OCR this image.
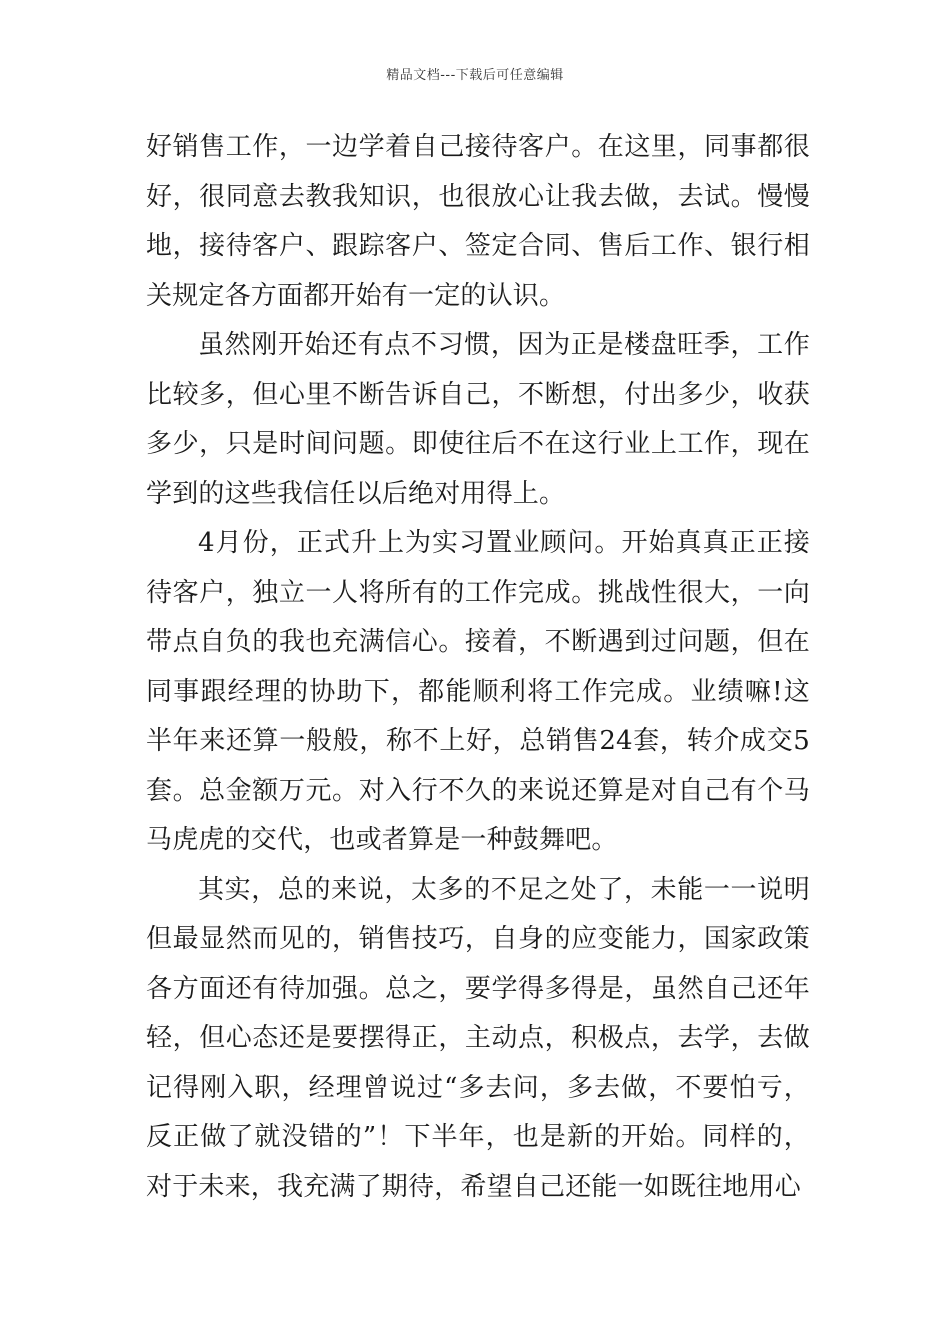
精品文档---下载后可任意编辑

好销售工作，一边学着自己接待客户。在这里，同事都很好，很同意去教我知识，也很放心让我去做，去试。慢慢地，接待客户、跟踪客户、签定合同、售后工作、银行相关规定各方面都开始有一定的认识。

虽然刚开始还有点不习惯，因为正是楼盘旺季，工作比较多，但心里不断告诉自己，不断想，付出多少，收获多少，只是时间问题。即使往后不在这行业上工作，现在学到的这些我信任以后绝对用得上。

4月份，正式升上为实习置业顾问。开始真真正正接待客户，独立一人将所有的工作完成。挑战性很大，一向带点自负的我也充满信心。接着，不断遇到过问题，但在同事跟经理的协助下，都能顺利将工作完成。业绩嘛!这半年来还算一般般，称不上好，总销售24套，转介成交5套。总金额万元。对入行不久的来说还算是对自己有个马马虎虎的交代，也或者算是一种鼓舞吧。

其实，总的来说，太多的不足之处了，未能一一说明但最显然而见的，销售技巧，自身的应变能力，国家政策各方面还有待加强。总之，要学得多得是，虽然自己还年轻，但心态还是要摆得正，主动点，积极点，去学，去做记得刚入职，经理曾说过“多去问，多去做，不要怕亏，反正做了就没错的”！下半年，也是新的开始。同样的，对于未来，我充满了期待，希望自己还能一如既往地用心
